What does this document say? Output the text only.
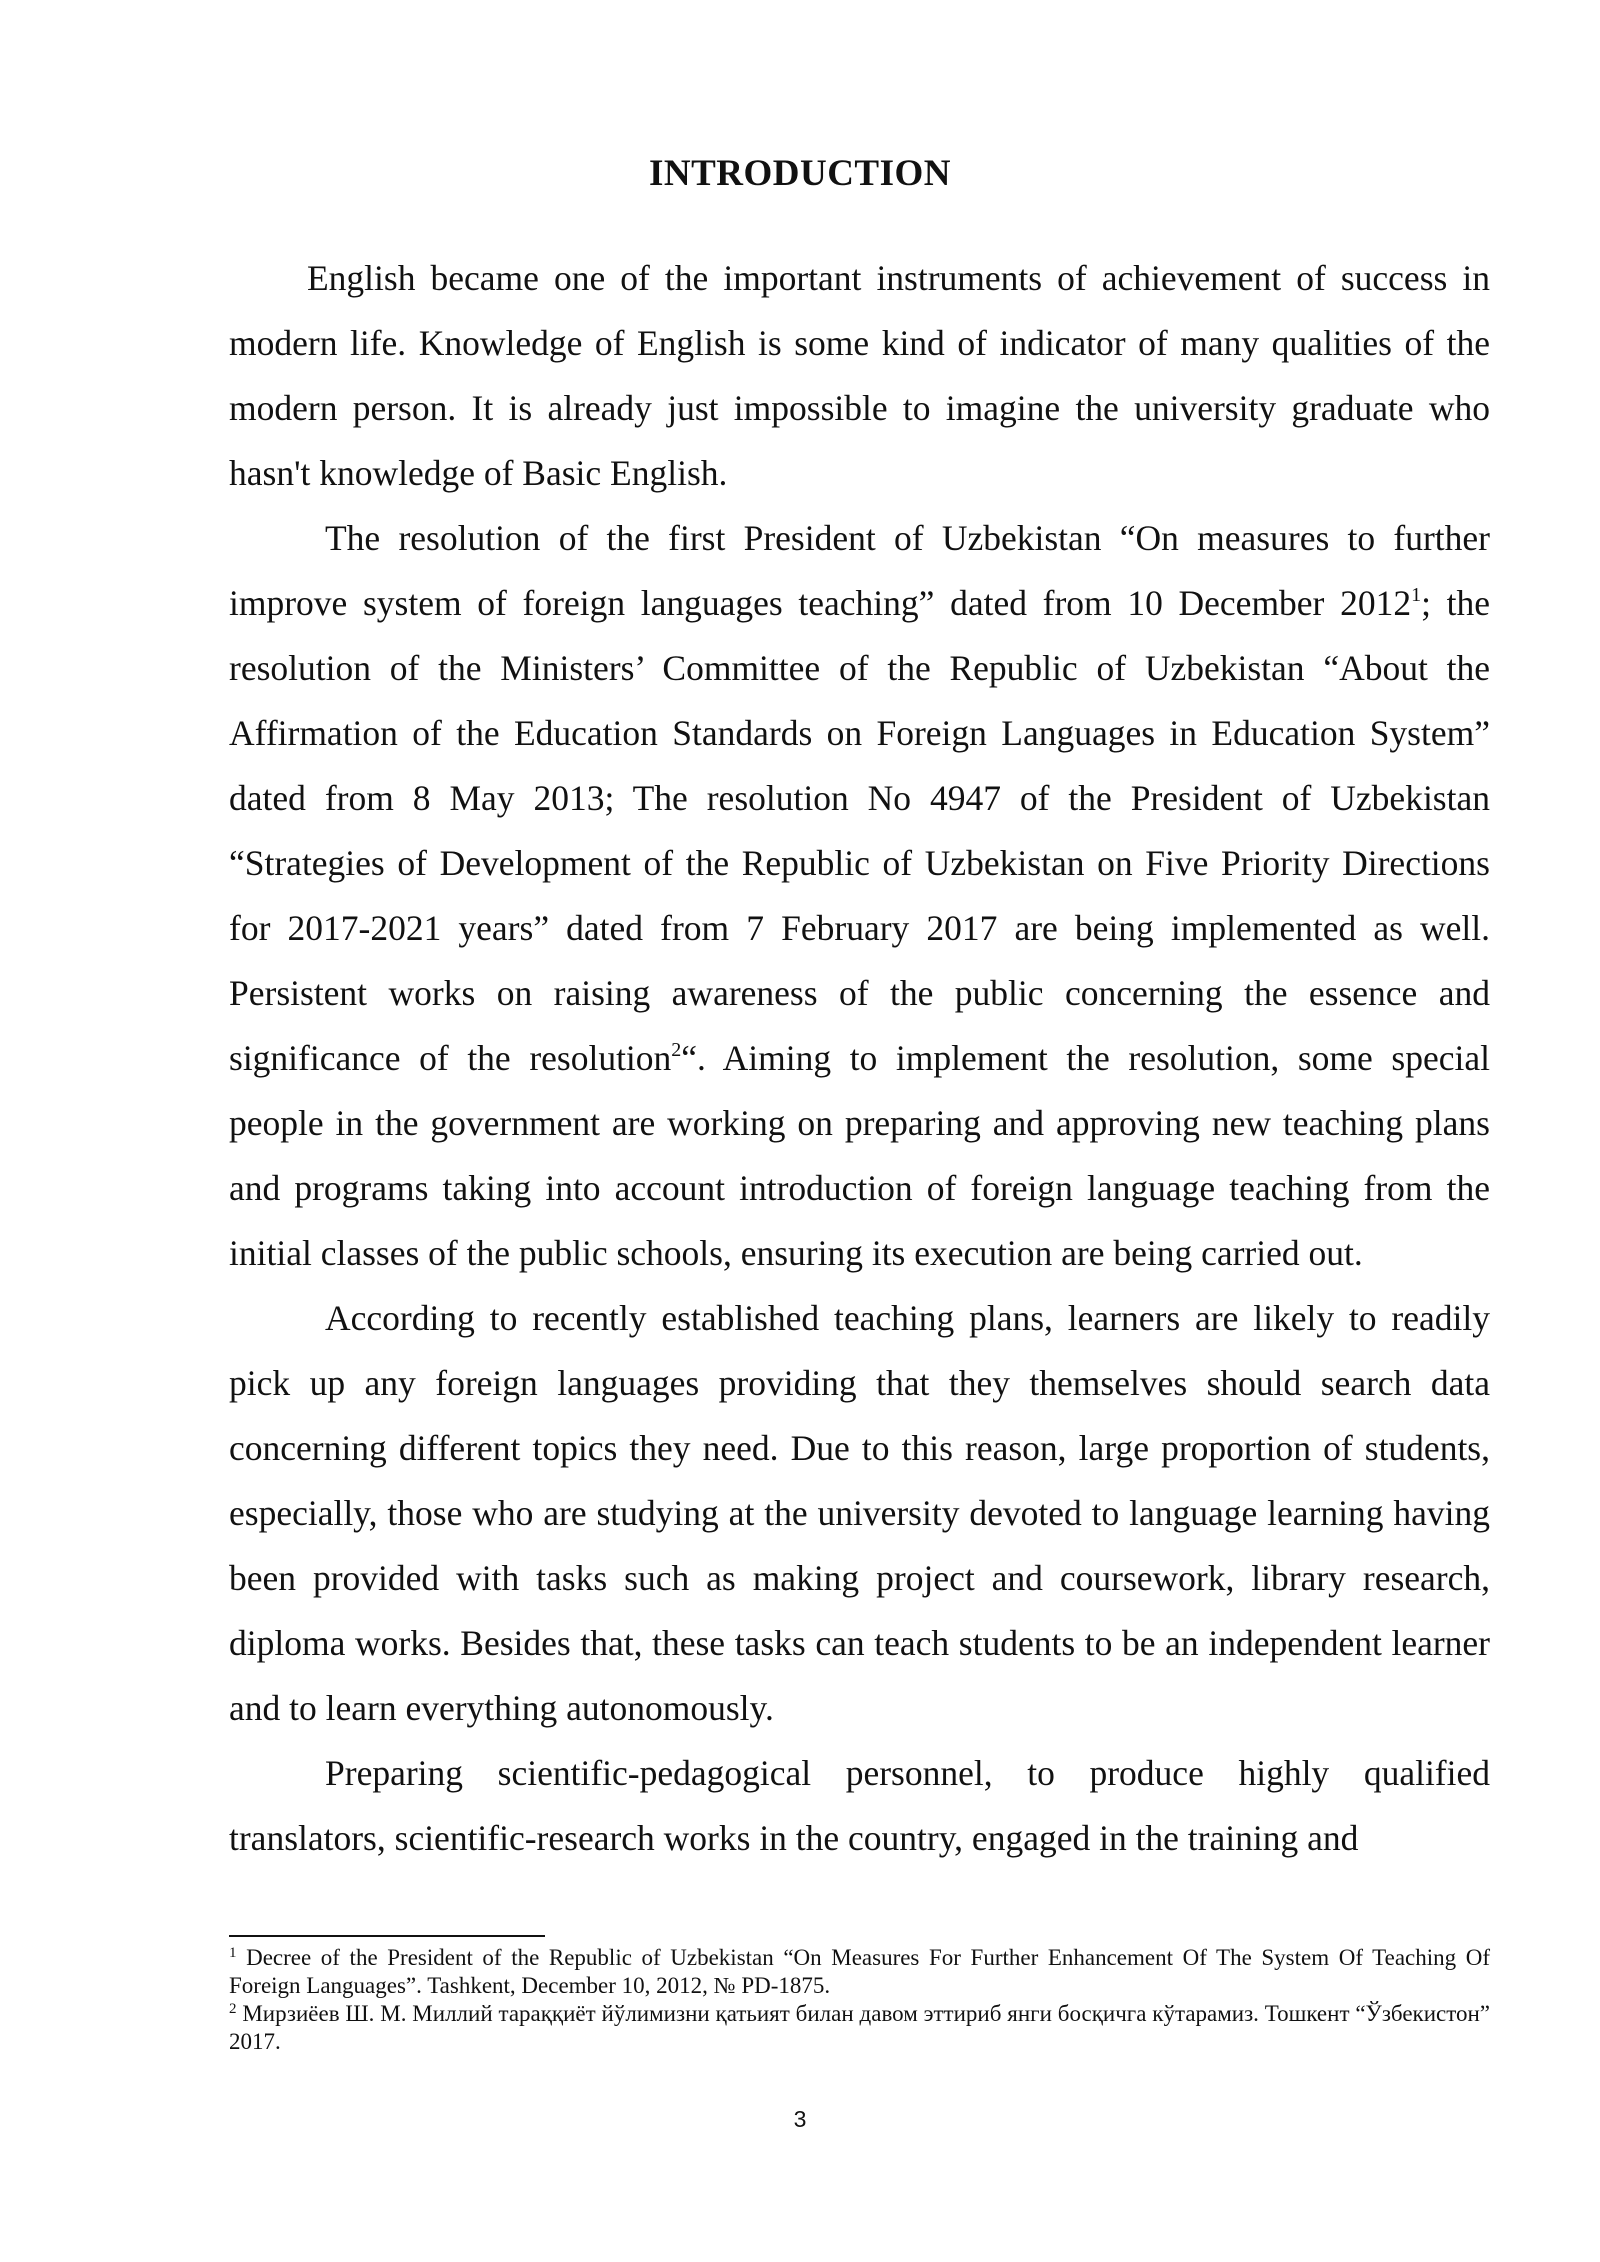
INTRODUCTION

English became one of the important instruments of achievement of success in modern life. Knowledge of English is some kind of indicator of many qualities of the modern person. It is already just impossible to imagine the university graduate who hasn't knowledge of Basic English.

The resolution of the first President of Uzbekistan “On measures to further improve system of foreign languages teaching” dated from 10 December 2012$^1$; the resolution of the Ministers’ Committee of the Republic of Uzbekistan “About the Affirmation of the Education Standards on Foreign Languages in Education System” dated from 8 May 2013; The resolution No 4947 of the President of Uzbekistan “Strategies of Development of the Republic of Uzbekistan on Five Priority Directions for 2017-2021 years” dated from 7 February 2017 are being implemented as well. Persistent works on raising awareness of the public concerning the essence and significance of the resolution$^2$“. Aiming to implement the resolution, some special people in the government are working on preparing and approving new teaching plans and programs taking into account introduction of foreign language teaching from the initial classes of the public schools, ensuring its execution are being carried out.

According to recently established teaching plans, learners are likely to readily pick up any foreign languages providing that they themselves should search data concerning different topics they need. Due to this reason, large proportion of students, especially, those who are studying at the university devoted to language learning having been provided with tasks such as making project and coursework, library research, diploma works. Besides that, these tasks can teach students to be an independent learner and to learn everything autonomously.

Preparing scientific-pedagogical personnel, to produce highly qualified translators, scientific-research works in the country, engaged in the training and

$^1$ Decree of the President of the Republic of Uzbekistan “On Measures For Further Enhancement Of The System Of Teaching Of Foreign Languages”. Tashkent, December 10, 2012, № PD-1875.

$^2$ Мирзиёев Ш. М. Миллий тараққиёт йўлимизни қатьият билан давом эттириб янги босқичга кўтарамиз. Тошкент “Ўзбекистон” 2017.

3
